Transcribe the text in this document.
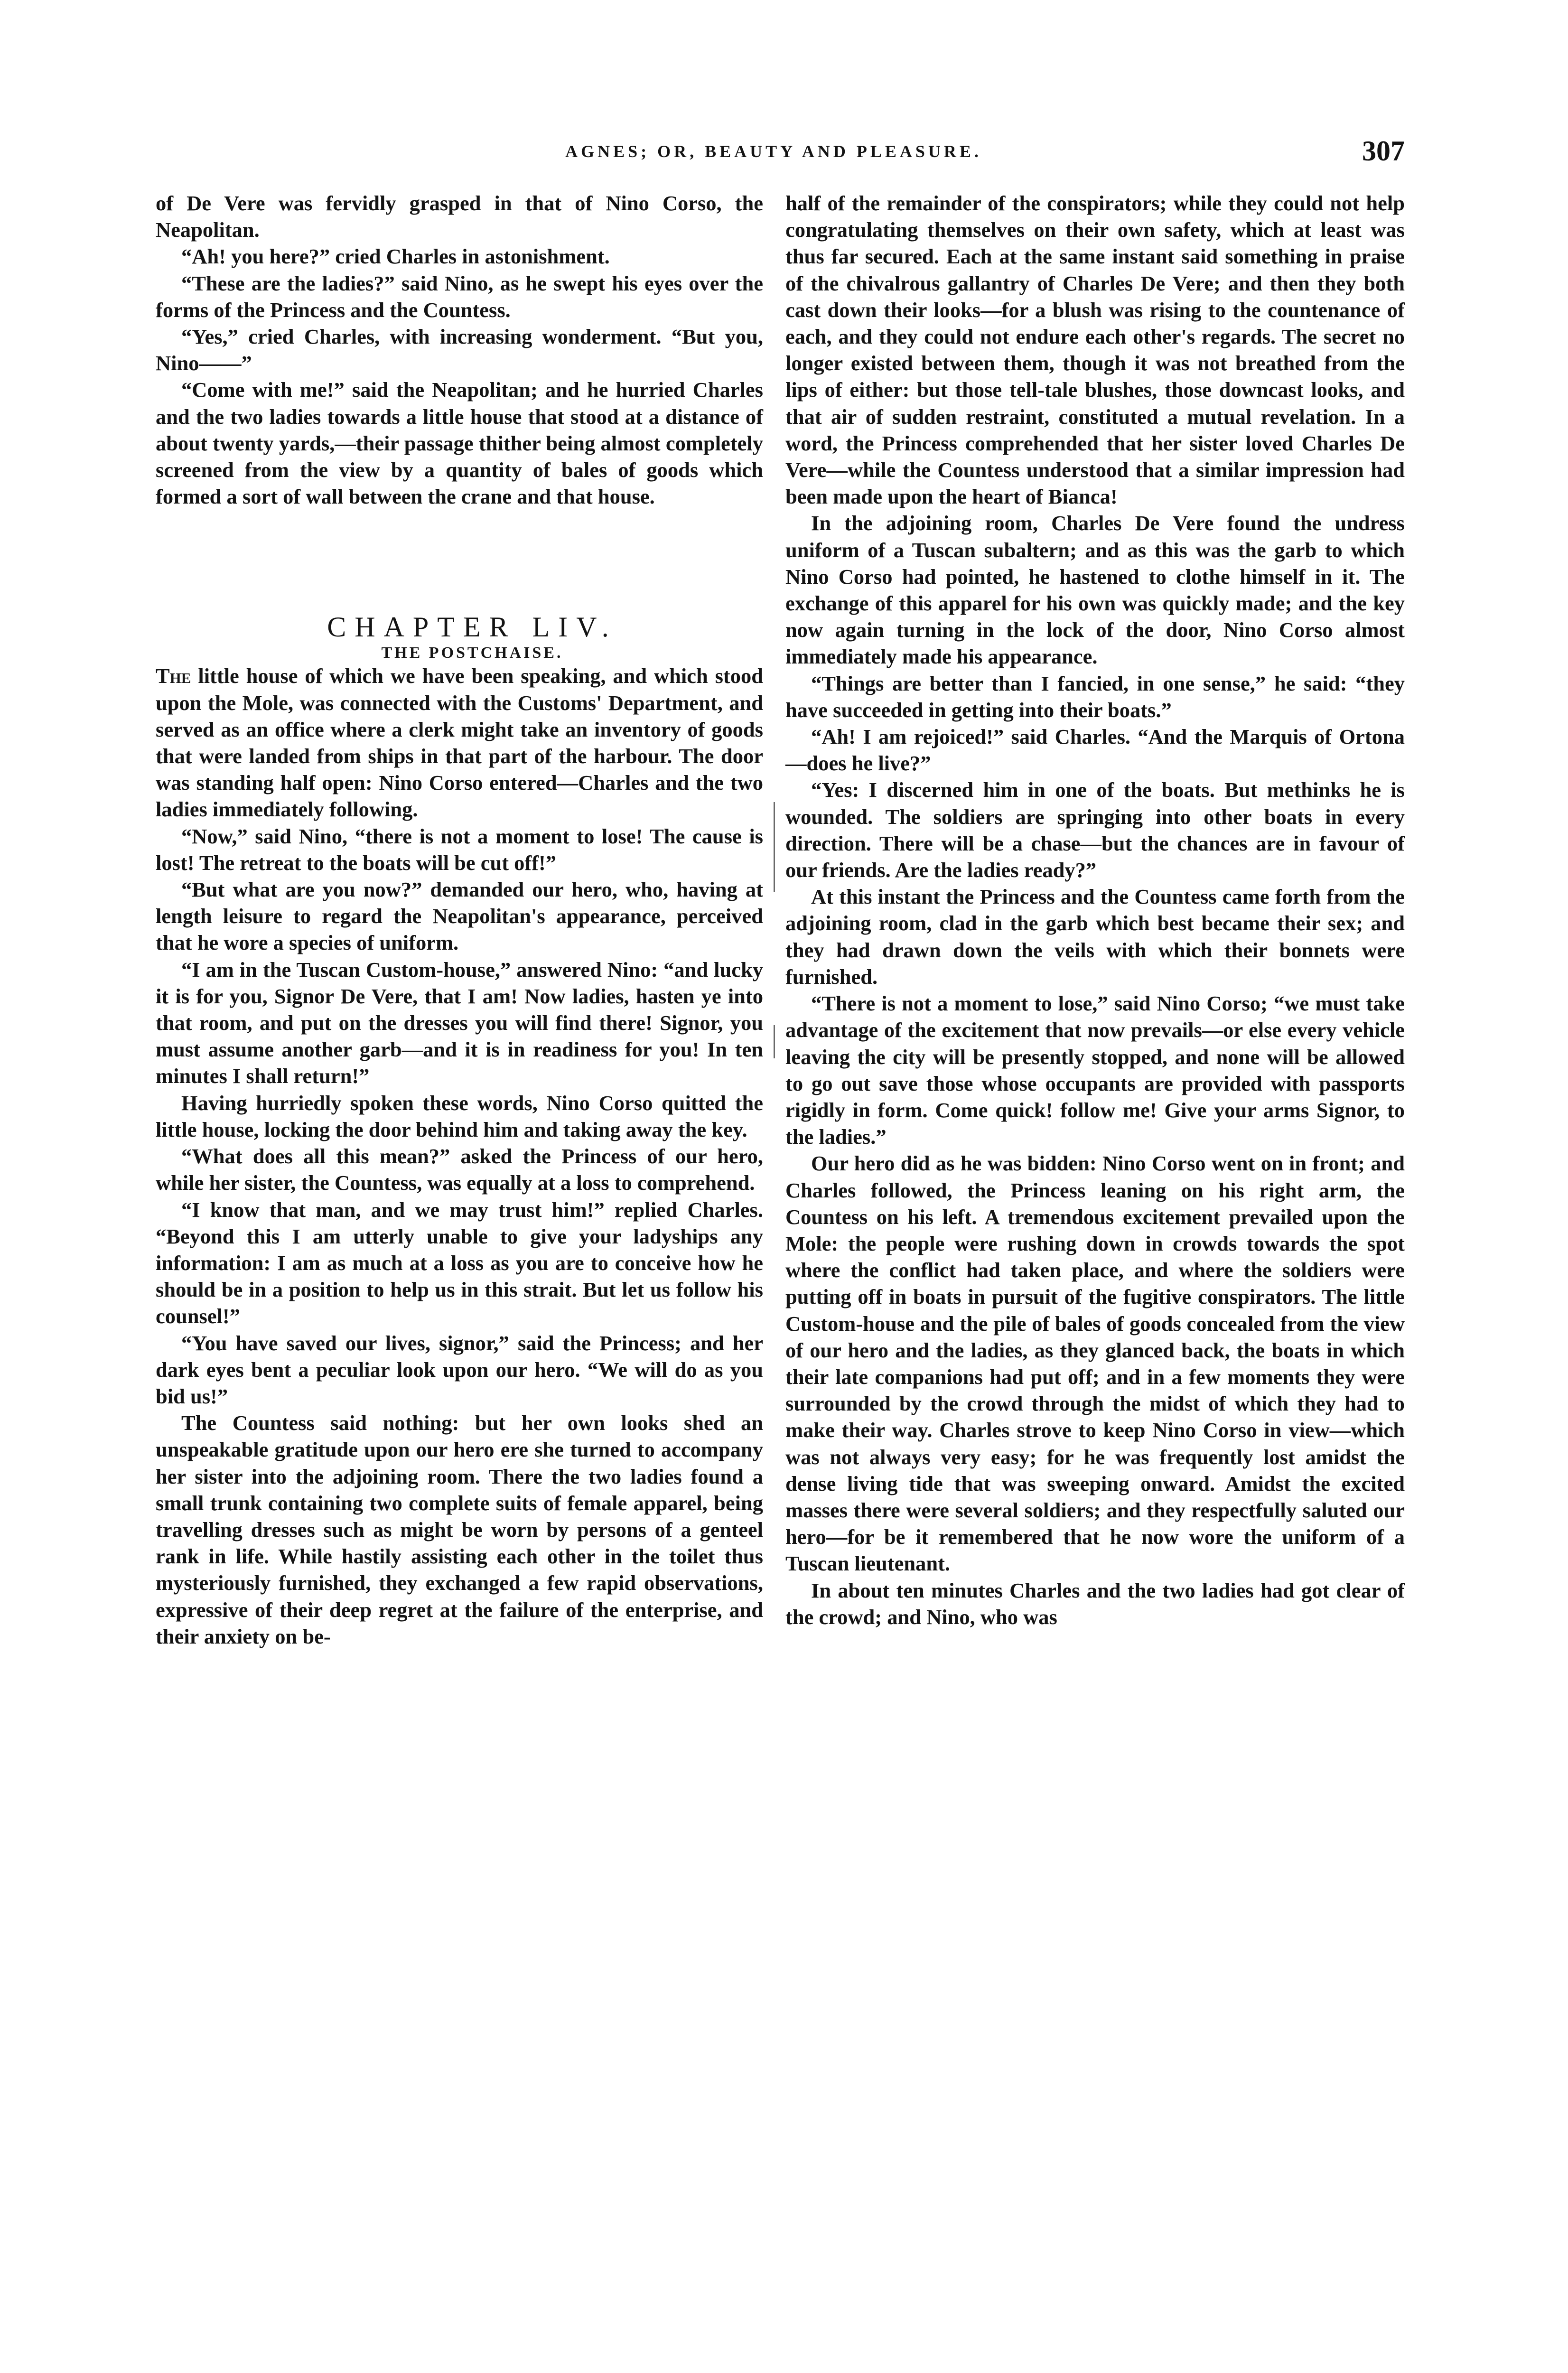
AGNES; OR, BEAUTY AND PLEASURE.	307

of De Vere was fervidly grasped in that of Nino Corso, the Neapolitan.

“Ah! you here?” cried Charles in astonishment.

“These are the ladies?” said Nino, as he swept his eyes over the forms of the Princess and the Countess.

“Yes,” cried Charles, with increasing wonderment. “But you, Nino——”

“Come with me!” said the Neapolitan; and he hurried Charles and the two ladies towards a little house that stood at a distance of about twenty yards,—their passage thither being almost completely screened from the view by a quantity of bales of goods which formed a sort of wall between the crane and that house.

CHAPTER LIV.

THE POSTCHAISE.

The little house of which we have been speaking, and which stood upon the Mole, was connected with the Customs' Department, and served as an office where a clerk might take an inventory of goods that were landed from ships in that part of the harbour. The door was standing half open: Nino Corso entered—Charles and the two ladies immediately following.

“Now,” said Nino, “there is not a moment to lose! The cause is lost! The retreat to the boats will be cut off!”

“But what are you now?” demanded our hero, who, having at length leisure to regard the Neapolitan's appearance, perceived that he wore a species of uniform.

“I am in the Tuscan Custom-house,” answered Nino: “and lucky it is for you, Signor De Vere, that I am! Now ladies, hasten ye into that room, and put on the dresses you will find there! Signor, you must assume another garb—and it is in readiness for you! In ten minutes I shall return!”

Having hurriedly spoken these words, Nino Corso quitted the little house, locking the door behind him and taking away the key.

“What does all this mean?” asked the Princess of our hero, while her sister, the Countess, was equally at a loss to comprehend.

“I know that man, and we may trust him!” replied Charles. “Beyond this I am utterly unable to give your ladyships any information: I am as much at a loss as you are to conceive how he should be in a position to help us in this strait. But let us follow his counsel!”

“You have saved our lives, signor,” said the Princess; and her dark eyes bent a peculiar look upon our hero. “We will do as you bid us!”

The Countess said nothing: but her own looks shed an unspeakable gratitude upon our hero ere she turned to accompany her sister into the adjoining room. There the two ladies found a small trunk containing two complete suits of female apparel, being travelling dresses such as might be worn by persons of a genteel rank in life. While hastily assisting each other in the toilet thus mysteriously furnished, they exchanged a few rapid observations, expressive of their deep regret at the failure of the enterprise, and their anxiety on be-

half of the remainder of the conspirators; while they could not help congratulating themselves on their own safety, which at least was thus far secured. Each at the same instant said something in praise of the chivalrous gallantry of Charles De Vere; and then they both cast down their looks—for a blush was rising to the countenance of each, and they could not endure each other's regards. The secret no longer existed between them, though it was not breathed from the lips of either: but those tell-tale blushes, those downcast looks, and that air of sudden restraint, constituted a mutual revelation. In a word, the Princess comprehended that her sister loved Charles De Vere—while the Countess understood that a similar impression had been made upon the heart of Bianca!

In the adjoining room, Charles De Vere found the undress uniform of a Tuscan subaltern; and as this was the garb to which Nino Corso had pointed, he hastened to clothe himself in it. The exchange of this apparel for his own was quickly made; and the key now again turning in the lock of the door, Nino Corso almost immediately made his appearance.

“Things are better than I fancied, in one sense,” he said: “they have succeeded in getting into their boats.”

“Ah! I am rejoiced!” said Charles. “And the Marquis of Ortona—does he live?”

“Yes: I discerned him in one of the boats. But methinks he is wounded. The soldiers are springing into other boats in every direction. There will be a chase—but the chances are in favour of our friends. Are the ladies ready?”

At this instant the Princess and the Countess came forth from the adjoining room, clad in the garb which best became their sex; and they had drawn down the veils with which their bonnets were furnished.

“There is not a moment to lose,” said Nino Corso; “we must take advantage of the excitement that now prevails—or else every vehicle leaving the city will be presently stopped, and none will be allowed to go out save those whose occupants are provided with passports rigidly in form. Come quick! follow me! Give your arms Signor, to the ladies.”

Our hero did as he was bidden: Nino Corso went on in front; and Charles followed, the Princess leaning on his right arm, the Countess on his left. A tremendous excitement prevailed upon the Mole: the people were rushing down in crowds towards the spot where the conflict had taken place, and where the soldiers were putting off in boats in pursuit of the fugitive conspirators. The little Custom-house and the pile of bales of goods concealed from the view of our hero and the ladies, as they glanced back, the boats in which their late companions had put off; and in a few moments they were surrounded by the crowd through the midst of which they had to make their way. Charles strove to keep Nino Corso in view—which was not always very easy; for he was frequently lost amidst the dense living tide that was sweeping onward. Amidst the excited masses there were several soldiers; and they respectfully saluted our hero—for be it remembered that he now wore the uniform of a Tuscan lieutenant.

In about ten minutes Charles and the two ladies had got clear of the crowd; and Nino, who was
